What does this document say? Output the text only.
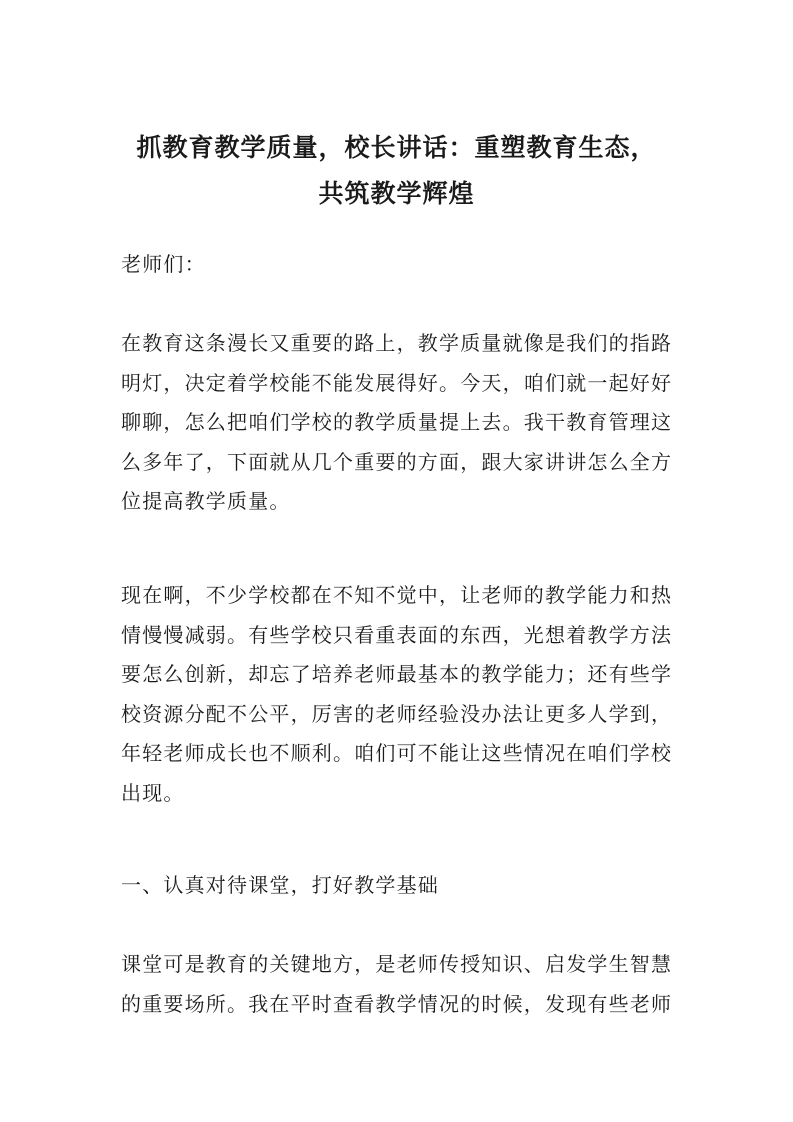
抓教育教学质量，校长讲话：重塑教育生态，
共筑教学辉煌
老师们：
在教育这条漫长又重要的路上，教学质量就像是我们的指路
明灯，决定着学校能不能发展得好。今天，咱们就一起好好
聊聊，怎么把咱们学校的教学质量提上去。我干教育管理这
么多年了，下面就从几个重要的方面，跟大家讲讲怎么全方
位提高教学质量。
现在啊，不少学校都在不知不觉中，让老师的教学能力和热
情慢慢减弱。有些学校只看重表面的东西，光想着教学方法
要怎么创新，却忘了培养老师最基本的教学能力；还有些学
校资源分配不公平，厉害的老师经验没办法让更多人学到，
年轻老师成长也不顺利。咱们可不能让这些情况在咱们学校
出现。
一、认真对待课堂，打好教学基础
课堂可是教育的关键地方，是老师传授知识、启发学生智慧
的重要场所。我在平时查看教学情况的时候，发现有些老师
